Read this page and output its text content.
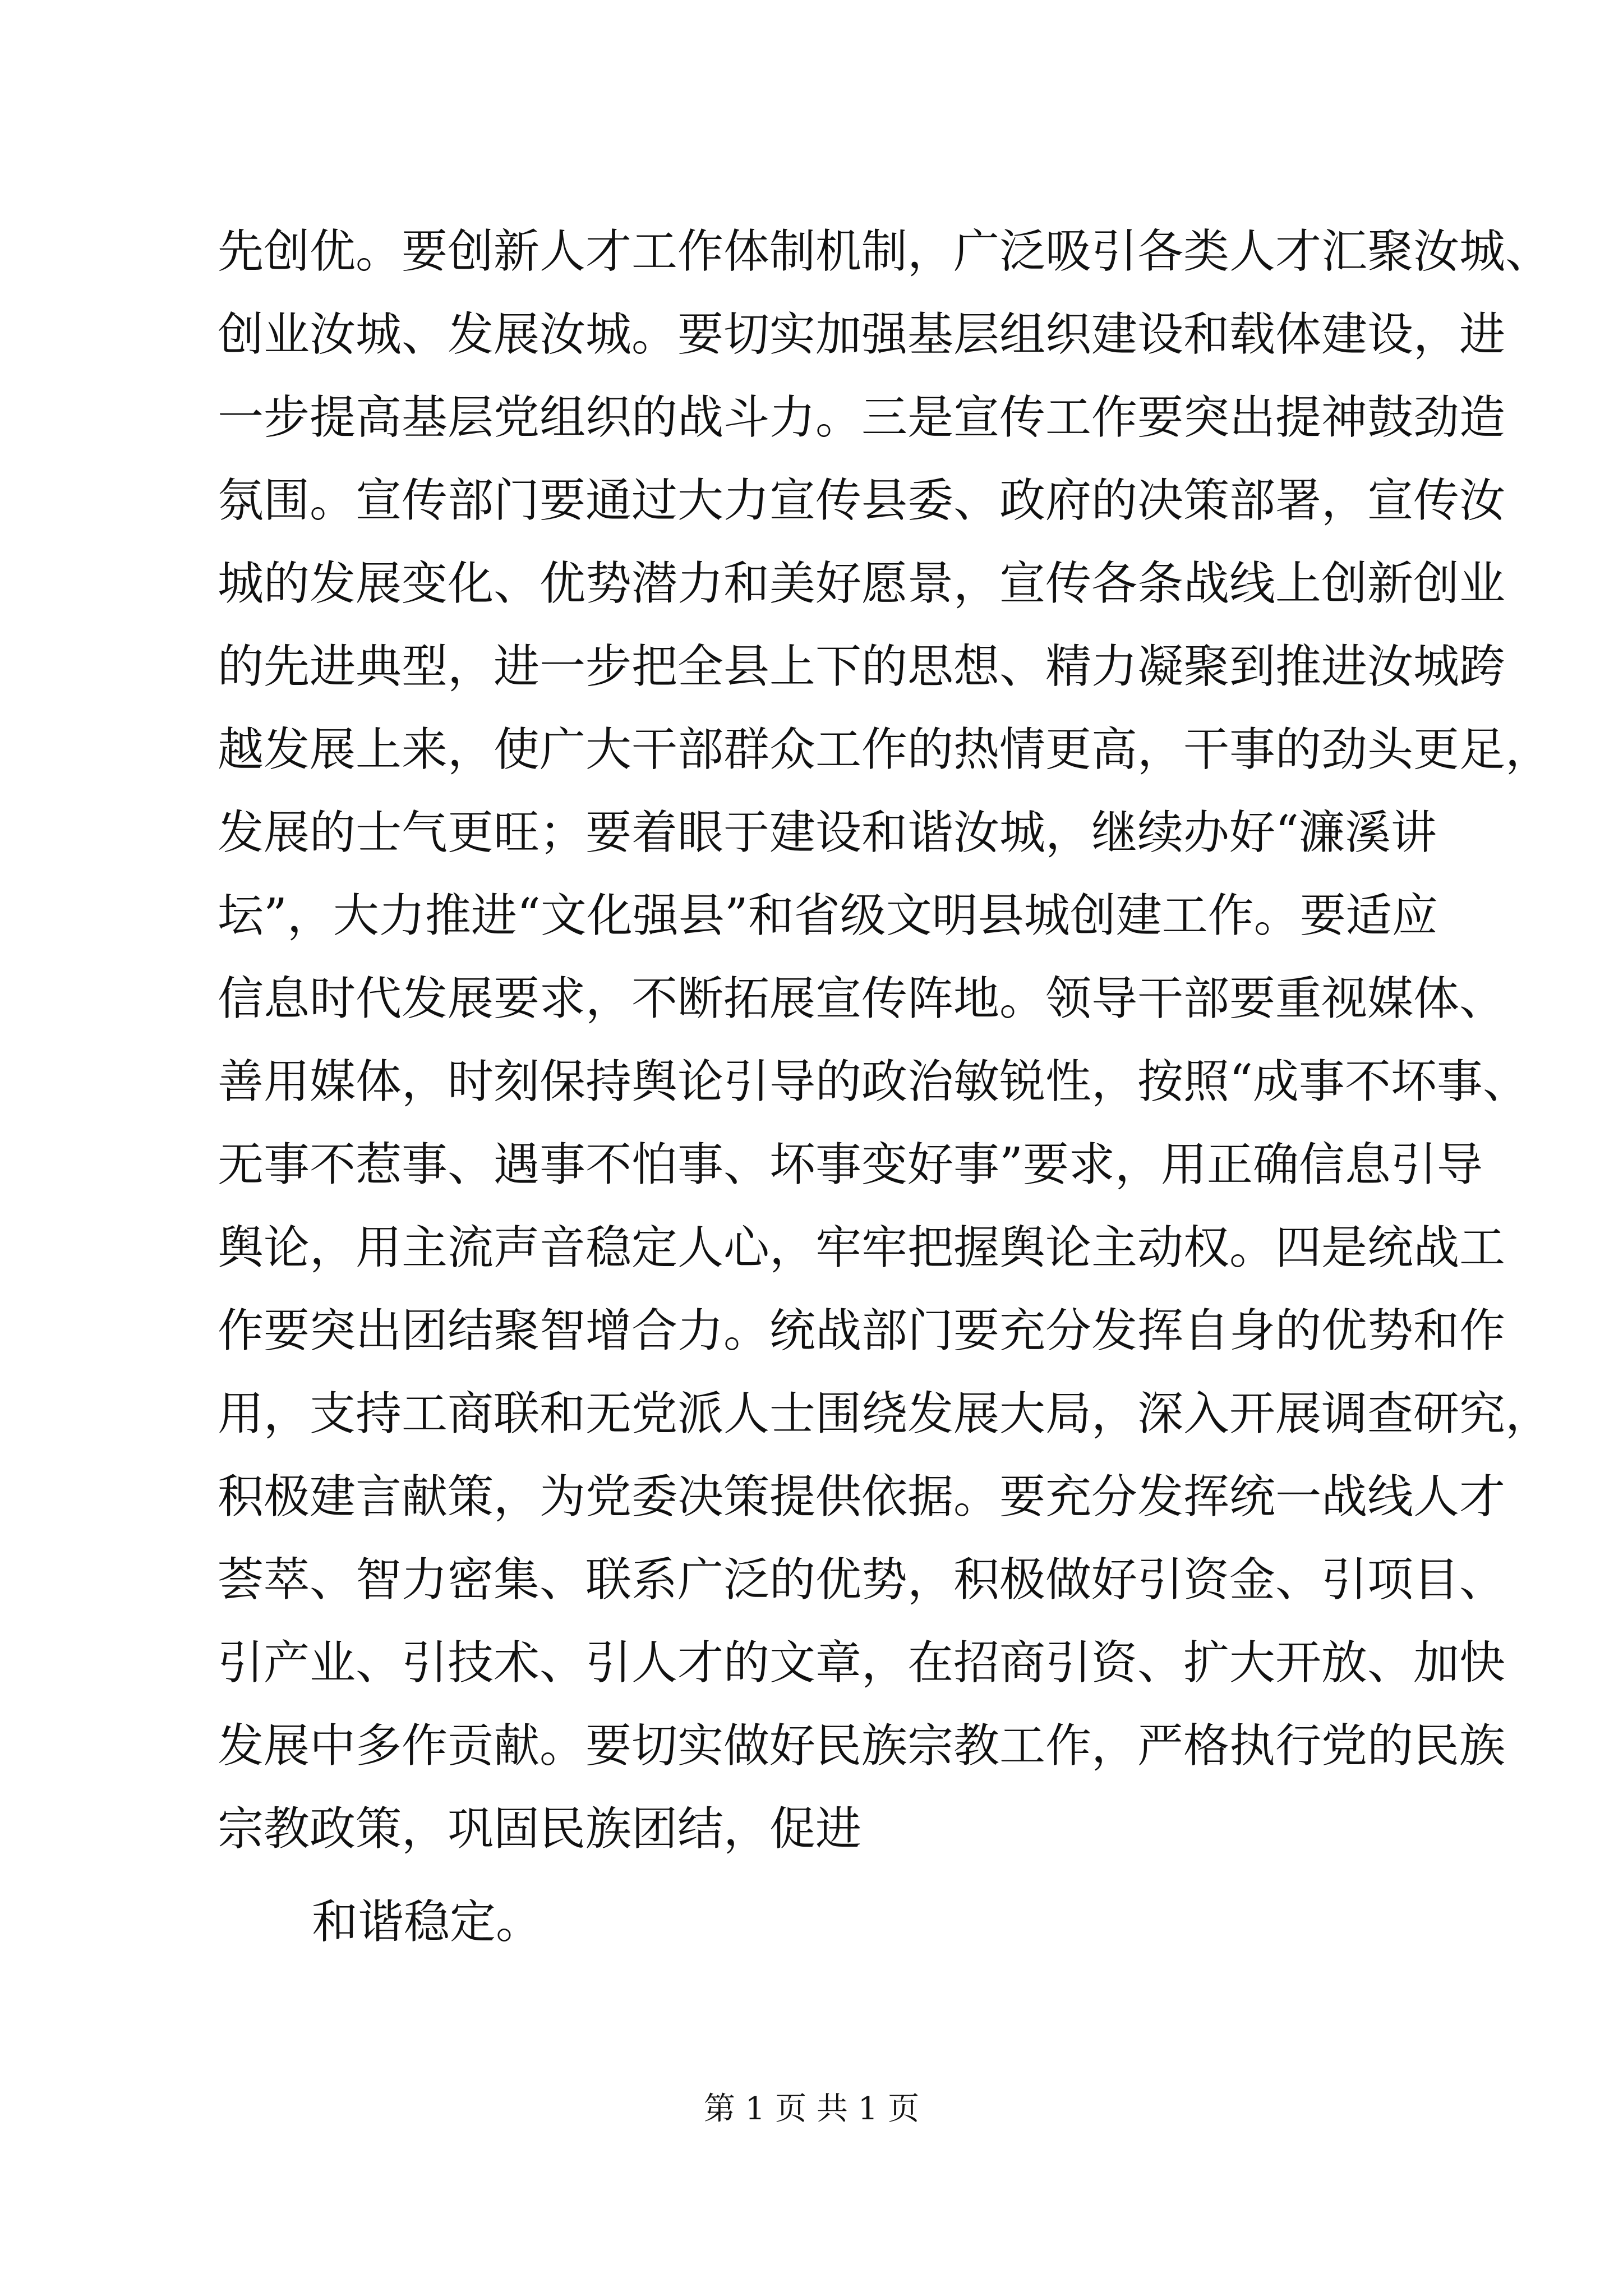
先创优。要创新人才工作体制机制，广泛吸引各类人才汇聚汝城、
创业汝城、发展汝城。要切实加强基层组织建设和载体建设，进
一步提高基层党组织的战斗力。三是宣传工作要突出提神鼓劲造
氛围。宣传部门要通过大力宣传县委、政府的决策部署，宣传汝
城的发展变化、优势潜力和美好愿景，宣传各条战线上创新创业
的先进典型，进一步把全县上下的思想、精力凝聚到推进汝城跨
越发展上来，使广大干部群众工作的热情更高，干事的劲头更足，
发展的士气更旺；要着眼于建设和谐汝城，继续办好“濂溪讲
坛”，大力推进“文化强县”和省级文明县城创建工作。要适应
信息时代发展要求，不断拓展宣传阵地。领导干部要重视媒体、
善用媒体，时刻保持舆论引导的政治敏锐性，按照“成事不坏事、
无事不惹事、遇事不怕事、坏事变好事”要求，用正确信息引导
舆论，用主流声音稳定人心，牢牢把握舆论主动权。四是统战工
作要突出团结聚智增合力。统战部门要充分发挥自身的优势和作
用，支持工商联和无党派人士围绕发展大局，深入开展调查研究，
积极建言献策，为党委决策提供依据。要充分发挥统一战线人才
荟萃、智力密集、联系广泛的优势，积极做好引资金、引项目、
引产业、引技术、引人才的文章，在招商引资、扩大开放、加快
发展中多作贡献。要切实做好民族宗教工作，严格执行党的民族
宗教政策，巩固民族团结，促进
和谐稳定。
第 1 页 共 1 页
